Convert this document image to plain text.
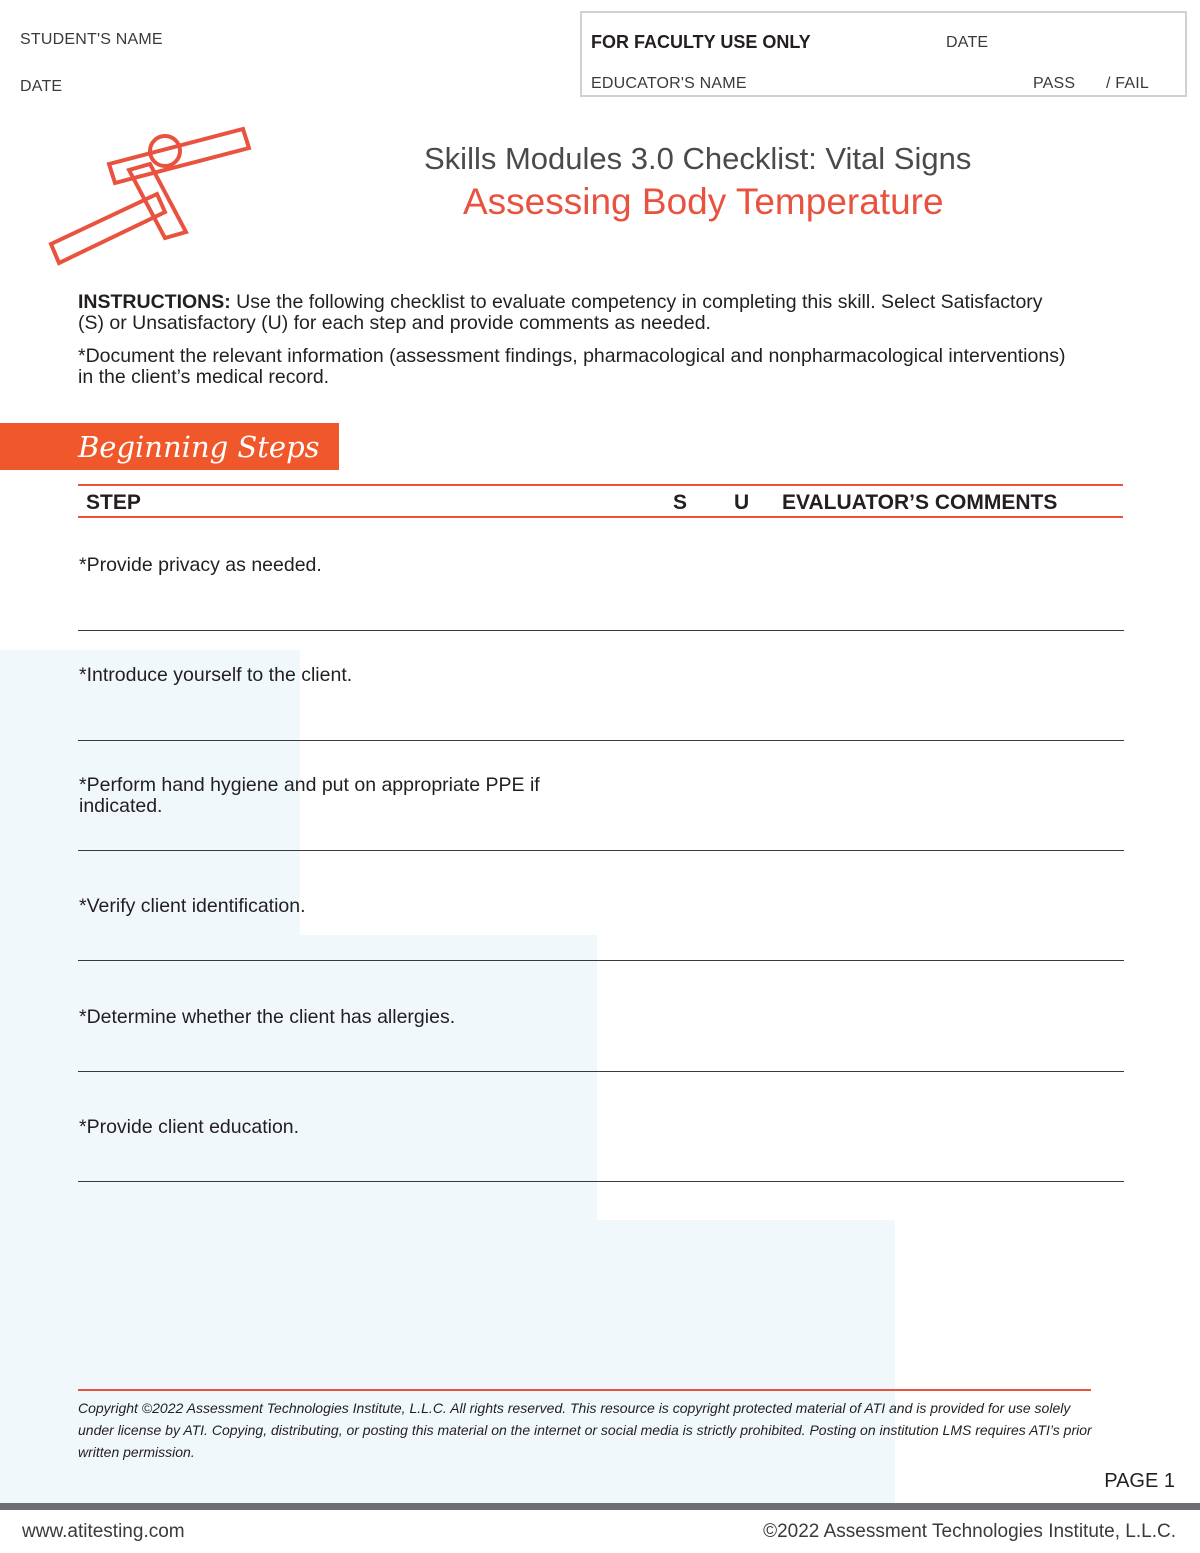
STUDENT'S NAME
DATE
FOR FACULTY USE ONLY	DATE
EDUCATOR'S NAME	PASS / FAIL
Skills Modules 3.0 Checklist: Vital Signs
Assessing Body Temperature

INSTRUCTIONS: Use the following checklist to evaluate competency in completing this skill. Select Satisfactory (S) or Unsatisfactory (U) for each step and provide comments as needed.

*Document the relevant information (assessment findings, pharmacological and nonpharmacological interventions) in the client’s medical record.

Beginning Steps
STEP	S U EVALUATOR’S COMMENTS
*Provide privacy as needed.
*Introduce yourself to the client.
*Perform hand hygiene and put on appropriate PPE if indicated.
*Verify client identification.
*Determine whether the client has allergies.
*Provide client education.
Copyright ©2022 Assessment Technologies Institute, L.L.C. All rights reserved. This resource is copyright protected material of ATI and is provided for use solely under license by ATI. Copying, distributing, or posting this material on the internet or social media is strictly prohibited. Posting on institution LMS requires ATI’s prior written permission.
PAGE 1
www.atitesting.com	©2022 Assessment Technologies Institute, L.L.C.
